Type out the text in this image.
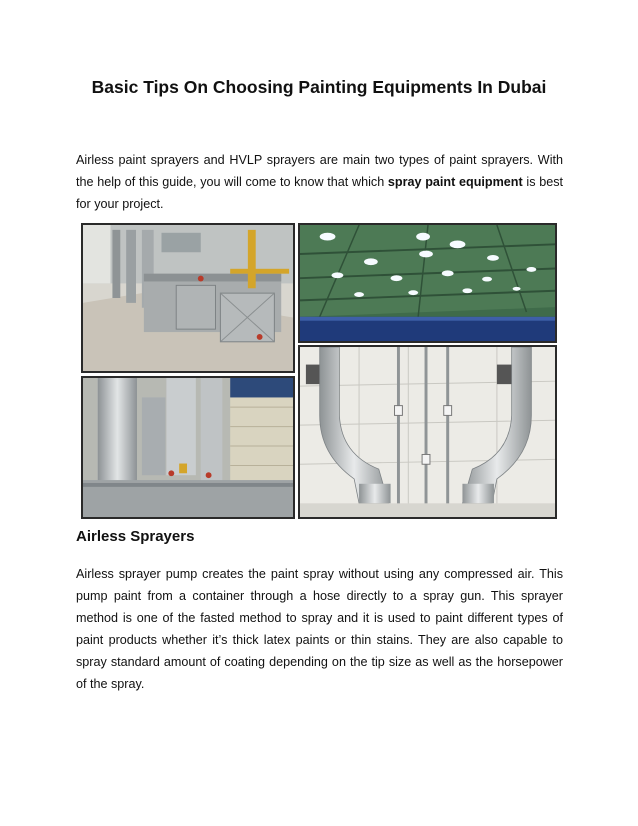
Basic Tips On Choosing Painting Equipments In Dubai

Airless paint sprayers and HVLP sprayers are main two types of paint sprayers. With the help of this guide, you will come to know that which spray paint equipment is best for your project.

Airless Sprayers

Airless sprayer pump creates the paint spray without using any compressed air. This pump paint from a container through a hose directly to a spray gun. This sprayer method is one of the fasted method to spray and it is used to paint different types of paint products whether it’s thick latex paints or thin stains. They are also capable to spray standard amount of coating depending on the tip size as well as the horsepower of the spray.
